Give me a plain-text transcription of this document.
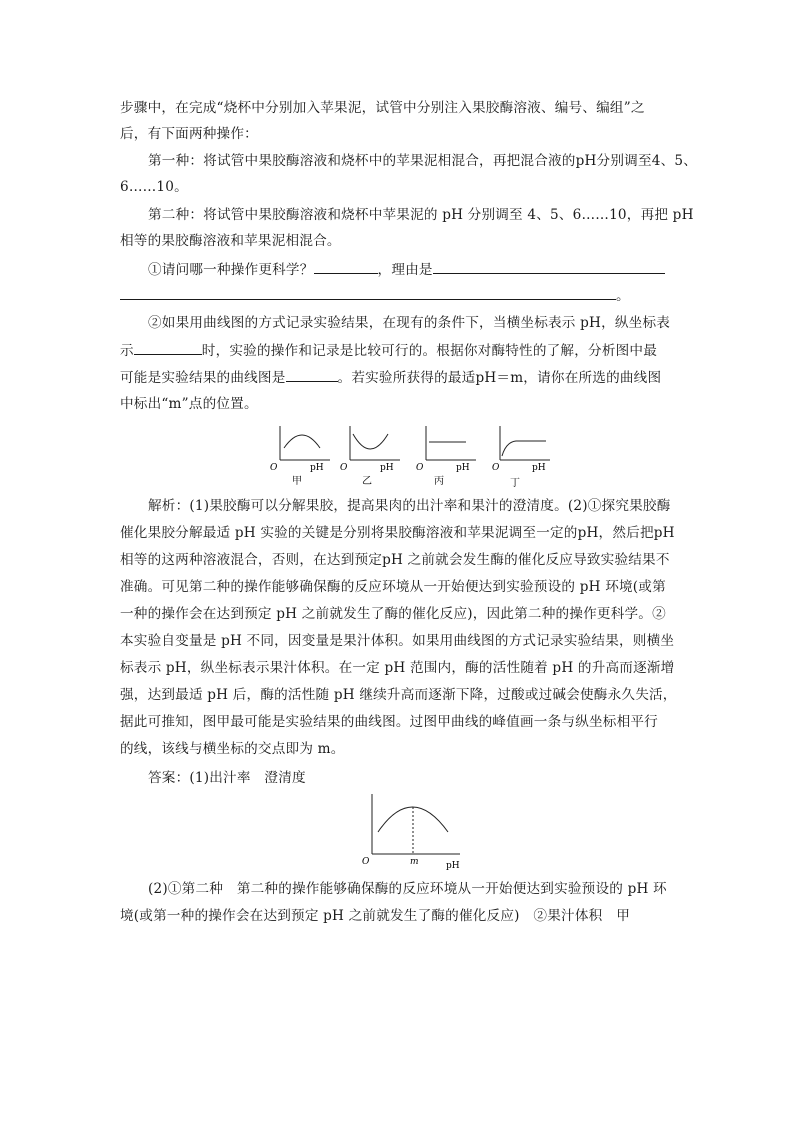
步骤中，在完成“烧杯中分别加入苹果泥，试管中分别注入果胶酶溶液、编号、编组”之
后，有下面两种操作：
第一种：将试管中果胶酶溶液和烧杯中的苹果泥相混合，再把混合液的pH分别调至4、5、
6……10。
第二种：将试管中果胶酶溶液和烧杯中苹果泥的 pH 分别调至 4、5、6……10，再把 pH
相等的果胶酶溶液和苹果泥相混合。
①请问哪一种操作更科学？	，理由是
。
②如果用曲线图的方式记录实验结果，在现有的条件下，当横坐标表示 pH，纵坐标表
示	时，实验的操作和记录是比较可行的。根据你对酶特性的了解，分析图中最
可能是实验结果的曲线图是	。若实验所获得的最适pH＝m，请你在所选的曲线图
中标出“m”点的位置。
O	pH
甲
O	pH
乙
O	pH
丙
O	pH
丁
解析：(1)果胶酶可以分解果胶，提高果肉的出汁率和果汁的澄清度。(2)①探究果胶酶
催化果胶分解最适 pH 实验的关键是分别将果胶酶溶液和苹果泥调至一定的pH，然后把pH
相等的这两种溶液混合，否则，在达到预定pH 之前就会发生酶的催化反应导致实验结果不
准确。可见第二种的操作能够确保酶的反应环境从一开始便达到实验预设的 pH 环境(或第
一种的操作会在达到预定 pH 之前就发生了酶的催化反应)，因此第二种的操作更科学。②
本实验自变量是 pH 不同，因变量是果汁体积。如果用曲线图的方式记录实验结果，则横坐
标表示 pH，纵坐标表示果汁体积。在一定 pH 范围内，酶的活性随着 pH 的升高而逐渐增
强，达到最适 pH 后，酶的活性随 pH 继续升高而逐渐下降，过酸或过碱会使酶永久失活，
据此可推知，图甲最可能是实验结果的曲线图。过图甲曲线的峰值画一条与纵坐标相平行
的线，该线与横坐标的交点即为 m。
答案：(1)出汁率　澄清度
O	m	pH
(2)①第二种　第二种的操作能够确保酶的反应环境从一开始便达到实验预设的 pH 环
境(或第一种的操作会在达到预定 pH 之前就发生了酶的催化反应)　②果汁体积　甲
